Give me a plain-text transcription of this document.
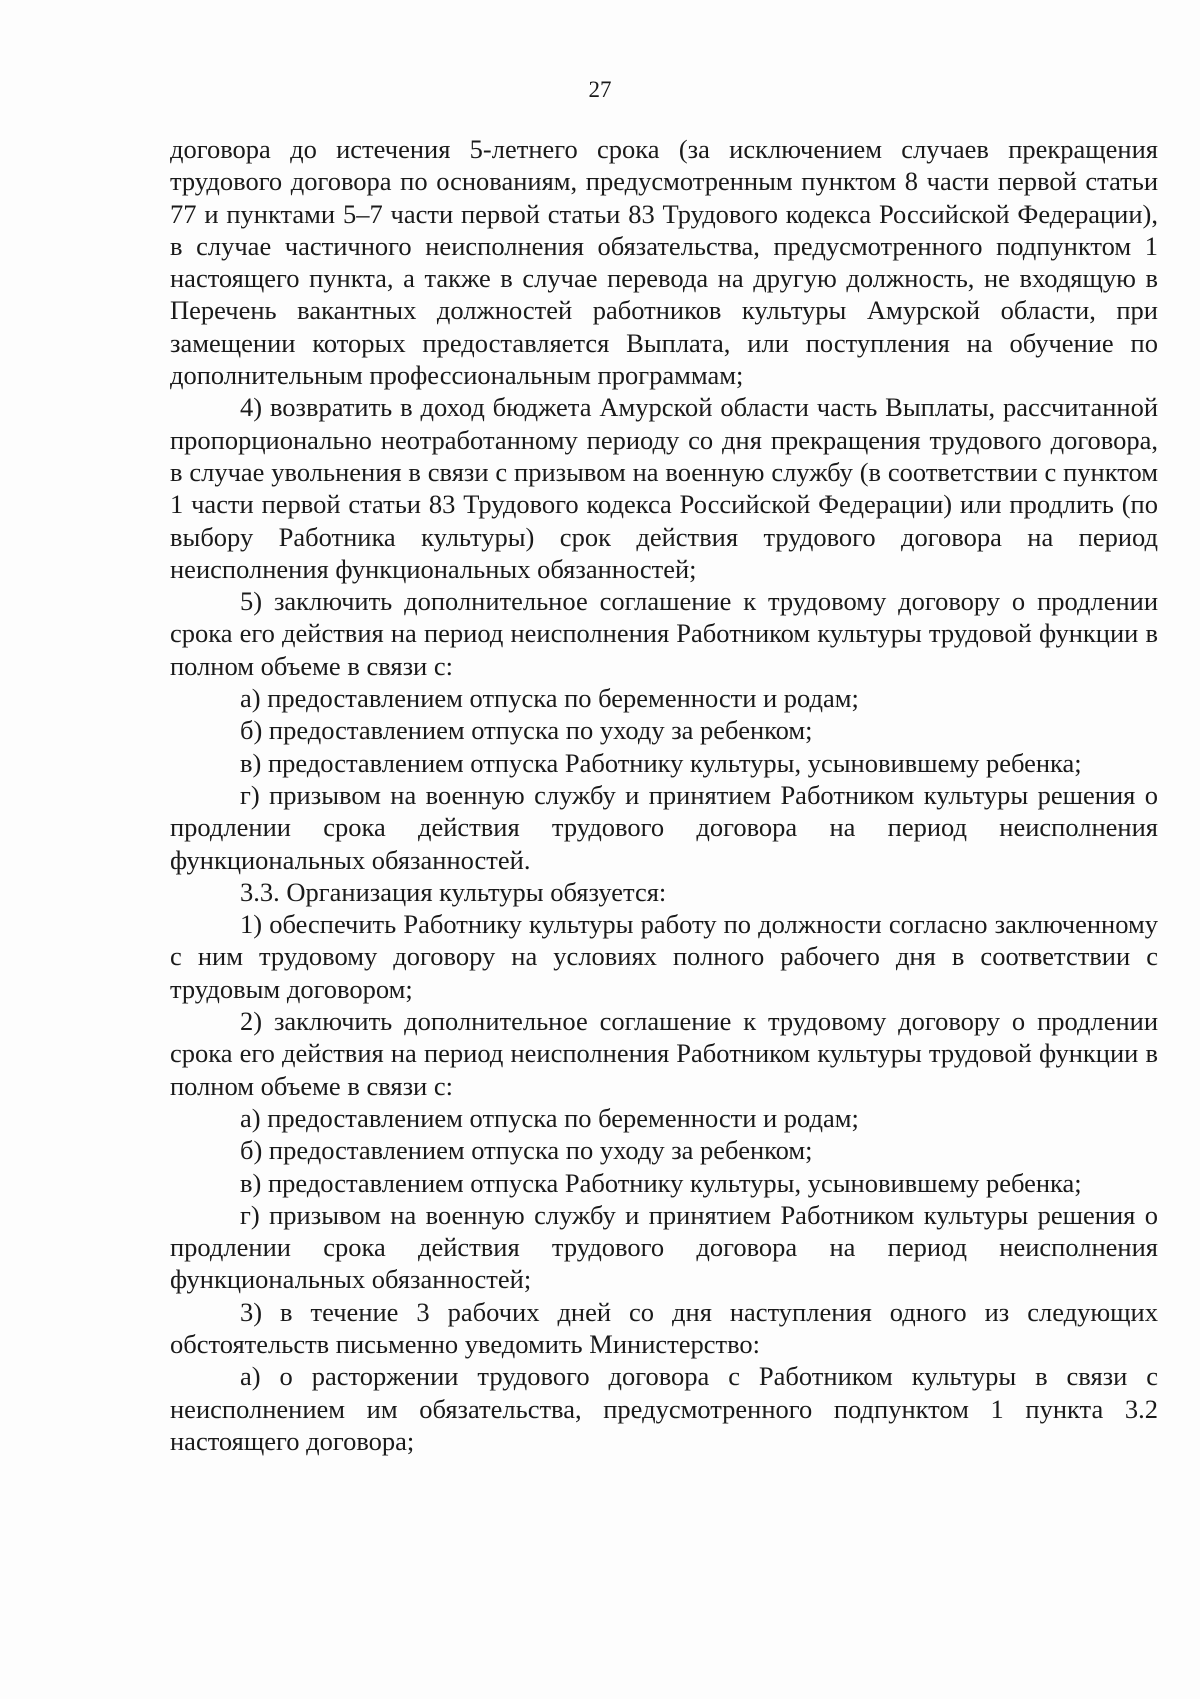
27

договора до истечения 5-летнего срока (за исключением случаев прекращения трудового договора по основаниям, предусмотренным пунктом 8 части первой статьи 77 и пунктами 5–7 части первой статьи 83 Трудового кодекса Российской Федерации), в случае частичного неисполнения обязательства, предусмотренного подпунктом 1 настоящего пункта, а также в случае перевода на другую должность, не входящую в Перечень вакантных должностей работников культуры Амурской области, при замещении которых предоставляется Выплата, или поступления на обучение по дополнительным профессиональным программам;

4) возвратить в доход бюджета Амурской области часть Выплаты, рассчитанной пропорционально неотработанному периоду со дня прекращения трудового договора, в случае увольнения в связи с призывом на военную службу (в соответствии с пунктом 1 части первой статьи 83 Трудового кодекса Российской Федерации) или продлить (по выбору Работника культуры) срок действия трудового договора на период неисполнения функциональных обязанностей;

5) заключить дополнительное соглашение к трудовому договору о продлении срока его действия на период неисполнения Работником культуры трудовой функции в полном объеме в связи с:

а) предоставлением отпуска по беременности и родам;

б) предоставлением отпуска по уходу за ребенком;

в) предоставлением отпуска Работнику культуры, усыновившему ребенка;

г) призывом на военную службу и принятием Работником культуры решения о продлении срока действия трудового договора на период неисполнения функциональных обязанностей.

3.3. Организация культуры обязуется:

1) обеспечить Работнику культуры работу по должности согласно заключенному с ним трудовому договору на условиях полного рабочего дня в соответствии с трудовым договором;

2) заключить дополнительное соглашение к трудовому договору о продлении срока его действия на период неисполнения Работником культуры трудовой функции в полном объеме в связи с:

а) предоставлением отпуска по беременности и родам;

б) предоставлением отпуска по уходу за ребенком;

в) предоставлением отпуска Работнику культуры, усыновившему ребенка;

г) призывом на военную службу и принятием Работником культуры решения о продлении срока действия трудового договора на период неисполнения функциональных обязанностей;

3) в течение 3 рабочих дней со дня наступления одного из следующих обстоятельств письменно уведомить Министерство:

а) о расторжении трудового договора с Работником культуры в связи с неисполнением им обязательства, предусмотренного подпунктом 1 пункта 3.2 настоящего договора;
